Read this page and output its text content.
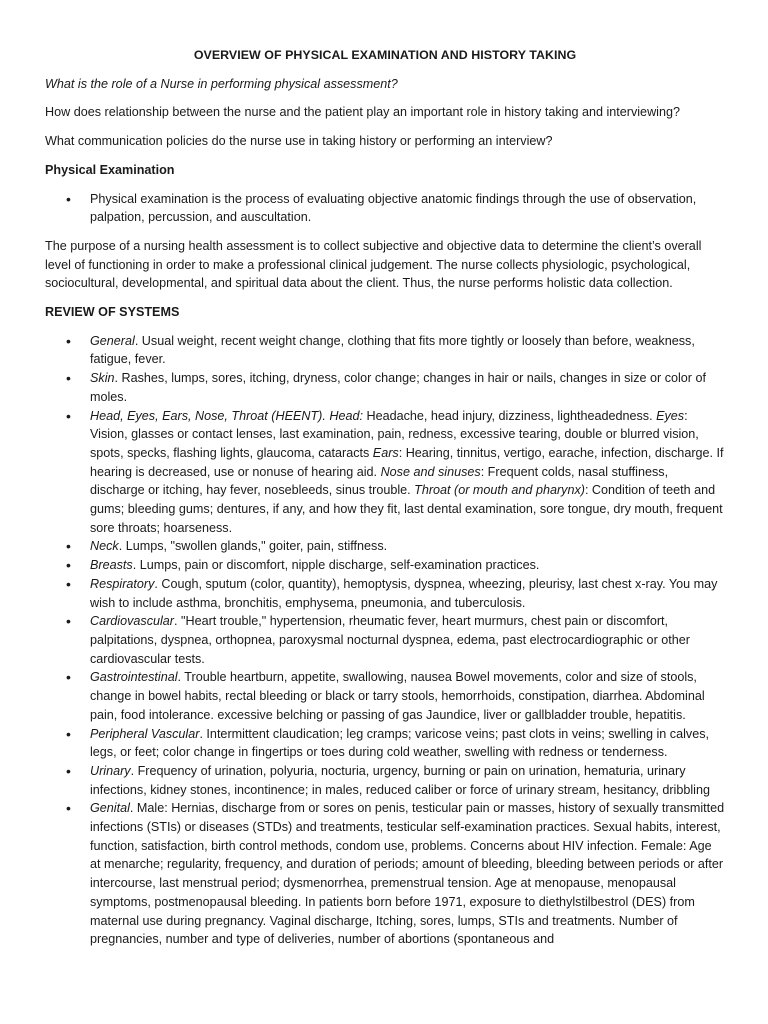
OVERVIEW OF PHYSICAL EXAMINATION AND HISTORY TAKING

What is the role of a Nurse in performing physical assessment?

How does relationship between the nurse and the patient play an important role in history taking and interviewing?

What communication policies do the nurse use in taking history or performing an interview?

Physical Examination
• Physical examination is the process of evaluating objective anatomic findings through the use of observation, palpation, percussion, and auscultation.

The purpose of a nursing health assessment is to collect subjective and objective data to determine the client’s overall level of functioning in order to make a professional clinical judgement. The nurse collects physiologic, psychological, sociocultural, developmental, and spiritual data about the client. Thus, the nurse performs holistic data collection.

REVIEW OF SYSTEMS
• General. Usual weight, recent weight change, clothing that fits more tightly or loosely than before, weakness, fatigue, fever.
• Skin. Rashes, lumps, sores, itching, dryness, color change; changes in hair or nails, changes in size or color of moles.
• Head, Eyes, Ears, Nose, Throat (HEENT). Head: Headache, head injury, dizziness, lightheadedness. Eyes: Vision, glasses or contact lenses, last examination, pain, redness, excessive tearing, double or blurred vision, spots, specks, flashing lights, glaucoma, cataracts Ears: Hearing, tinnitus, vertigo, earache, infection, discharge. If hearing is decreased, use or nonuse of hearing aid. Nose and sinuses: Frequent colds, nasal stuffiness, discharge or itching, hay fever, nosebleeds, sinus trouble. Throat (or mouth and pharynx): Condition of teeth and gums; bleeding gums; dentures, if any, and how they fit, last dental examination, sore tongue, dry mouth, frequent sore throats; hoarseness.
• Neck. Lumps, "swollen glands," goiter, pain, stiffness.
• Breasts. Lumps, pain or discomfort, nipple discharge, self-examination practices.
• Respiratory. Cough, sputum (color, quantity), hemoptysis, dyspnea, wheezing, pleurisy, last chest x-ray. You may wish to include asthma, bronchitis, emphysema, pneumonia, and tuberculosis.
• Cardiovascular. "Heart trouble," hypertension, rheumatic fever, heart murmurs, chest pain or discomfort, palpitations, dyspnea, orthopnea, paroxysmal nocturnal dyspnea, edema, past electrocardiographic or other cardiovascular tests.
• Gastrointestinal. Trouble heartburn, appetite, swallowing, nausea Bowel movements, color and size of stools, change in bowel habits, rectal bleeding or black or tarry stools, hemorrhoids, constipation, diarrhea. Abdominal pain, food intolerance. excessive belching or passing of gas Jaundice, liver or gallbladder trouble, hepatitis.
• Peripheral Vascular. Intermittent claudication; leg cramps; varicose veins; past clots in veins; swelling in calves, legs, or feet; color change in fingertips or toes during cold weather, swelling with redness or tenderness.
• Urinary. Frequency of urination, polyuria, nocturia, urgency, burning or pain on urination, hematuria, urinary infections, kidney stones, incontinence; in males, reduced caliber or force of urinary stream, hesitancy, dribbling
• Genital. Male: Hernias, discharge from or sores on penis, testicular pain or masses, history of sexually transmitted infections (STIs) or diseases (STDs) and treatments, testicular self-examination practices. Sexual habits, interest, function, satisfaction, birth control methods, condom use, problems. Concerns about HIV infection. Female: Age at menarche; regularity, frequency, and duration of periods; amount of bleeding, bleeding between periods or after intercourse, last menstrual period; dysmenorrhea, premenstrual tension. Age at menopause, menopausal symptoms, postmenopausal bleeding. In patients born before 1971, exposure to diethylstilbestrol (DES) from maternal use during pregnancy. Vaginal discharge, Itching, sores, lumps, STIs and treatments. Number of pregnancies, number and type of deliveries, number of abortions (spontaneous and
